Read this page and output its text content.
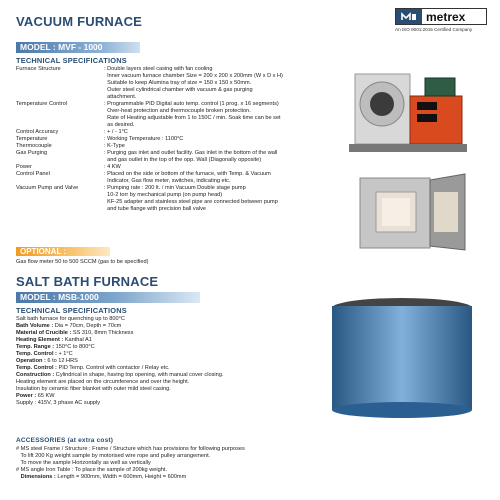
VACUUM FURNACE	metrex
An ISO 9001:2015 Certified Company
MODEL : MVF - 1000
TECHNICAL SPECIFICATIONS
Furnace Structure	: Double layers steel casing with fan cooling
Inner vacuum furnace chamber Size = 200 x 200 x 200mm (W x D x H)
Suitable to keep Alumina tray of size = 150 x 150 x 50mm.
Outer steel cylindrical chamber with vacuum & gas purging
attachment.
Temperature Control	: Programmable PID Digital auto temp. control (1 prog. x 16 segments)
Over-heat protection and thermocouple broken protection.
Rate of Heating adjustable from 1 to 150C / min. Soak time can be set
as desired.
Control Accuracy	: + / - 1°C
Temperature	: Working Temperature : 1100°C
Thermocouple	: K-Type
Gas Purging	: Purging gas inlet and outlet facility. Gas inlet in the bottom of the wall
and gas outlet in the top of the opp. Wall (Diagonally opposite)
Power	: 4 KW
Control Panel	: Placed on the side or bottom of the furnace, with Temp. & Vacuum
Indicator, Gas flow meter, switches, indicating etc.
Vacuum Pump and Valve	: Pumping rate : 200 lt. / min Vacuum Double stage pump
10-2 torr by mechanical pump (on pump head)
KF-25 adapter and stainless steel pipe are connected between pump
and tube flange with precision ball valve
OPTIONAL :
Gas flow meter 50 to 500 SCCM (gas to be specified)
SALT BATH FURNACE
MODEL : MSB-1000
TECHNICAL SPECIFICATIONS
Salt bath furnace for quenching up to 800°C
Bath Volume : Dia = 70cm, Depth = 70cm
Material of Crucible : SS 310, 8mm Thickness
Heating Element : Kanthal A1
Temp. Range : 150°C to 800°C
Temp. Control : + 1°C
Operation : 6 to 12 HRS
Temp. Control : PID Temp. Control with contactor / Relay etc.
Construction : Cylindrical in shape, having top opening, with manual cover closing.
Heating element are placed on the circumference and over the height.
Insulation by ceramic fiber blanket with outer mild steel casing.
Power : 65 KW
Supply : 415V, 3 phase AC supply
ACCESSORIES (at extra cost)
# MS steel Frame / Structure : Frame / Structure which has provisions for following purposes
To lift 200 Kg weight sample by motorised wire rope and pulley arrangement.
To move the sample Horizontally as well as vertically
# MS angle Iron Table : To place the sample of 200kg weight.
Dimensions : Length = 900mm, Width = 600mm, Height = 600mm
